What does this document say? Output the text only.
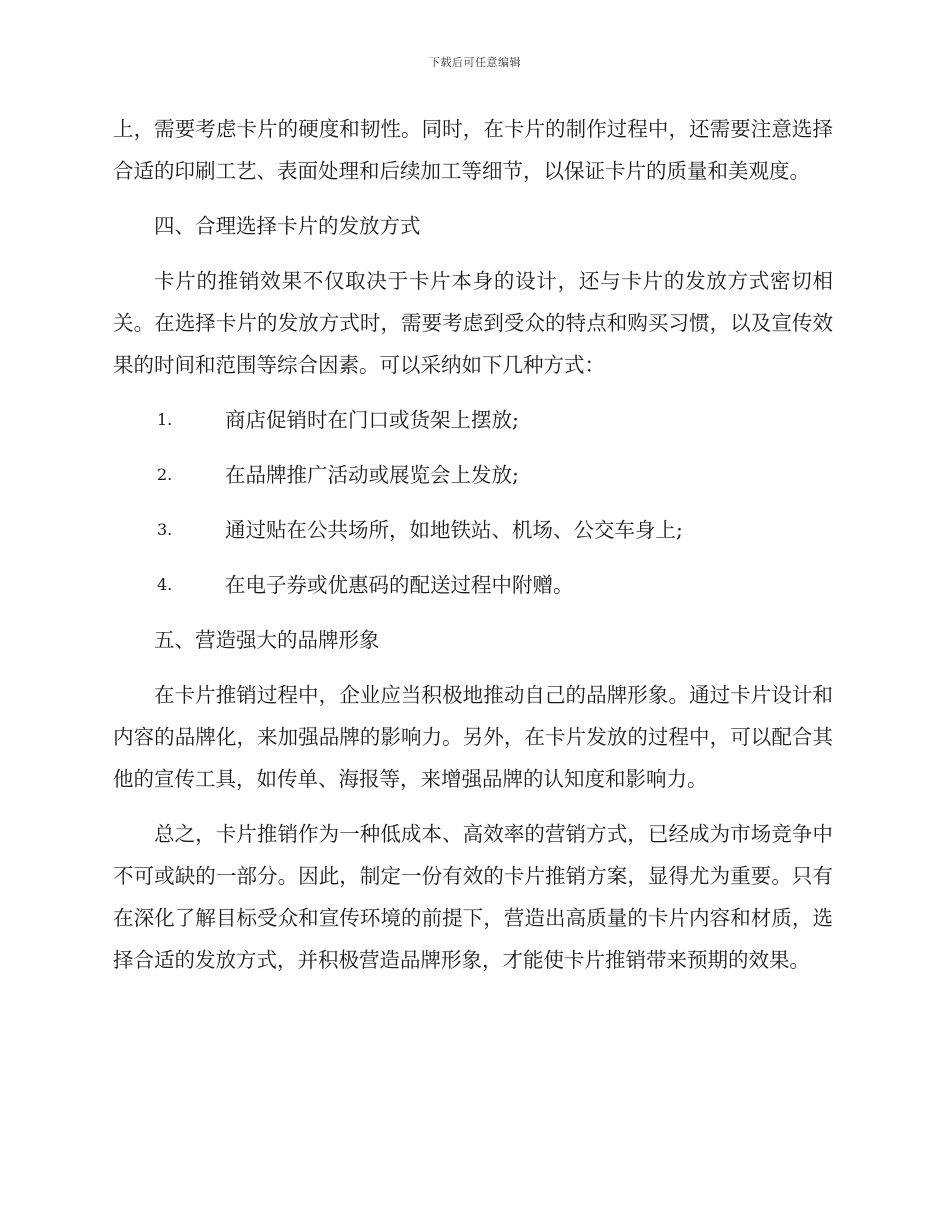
下载后可任意编辑

上，需要考虑卡片的硬度和韧性。同时，在卡片的制作过程中，还需要注意选择合适的印刷工艺、表面处理和后续加工等细节，以保证卡片的质量和美观度。

四、合理选择卡片的发放方式

卡片的推销效果不仅取决于卡片本身的设计，还与卡片的发放方式密切相关。在选择卡片的发放方式时，需要考虑到受众的特点和购买习惯，以及宣传效果的时间和范围等综合因素。可以采纳如下几种方式：

1.	商店促销时在门口或货架上摆放;
2.	在品牌推广活动或展览会上发放;
3.	通过贴在公共场所，如地铁站、机场、公交车身上;
4.	在电子券或优惠码的配送过程中附赠。

五、营造强大的品牌形象

在卡片推销过程中，企业应当积极地推动自己的品牌形象。通过卡片设计和内容的品牌化，来加强品牌的影响力。另外，在卡片发放的过程中，可以配合其他的宣传工具，如传单、海报等，来增强品牌的认知度和影响力。

总之，卡片推销作为一种低成本、高效率的营销方式，已经成为市场竞争中不可或缺的一部分。因此，制定一份有效的卡片推销方案，显得尤为重要。只有在深化了解目标受众和宣传环境的前提下，营造出高质量的卡片内容和材质，选择合适的发放方式，并积极营造品牌形象，才能使卡片推销带来预期的效果。
